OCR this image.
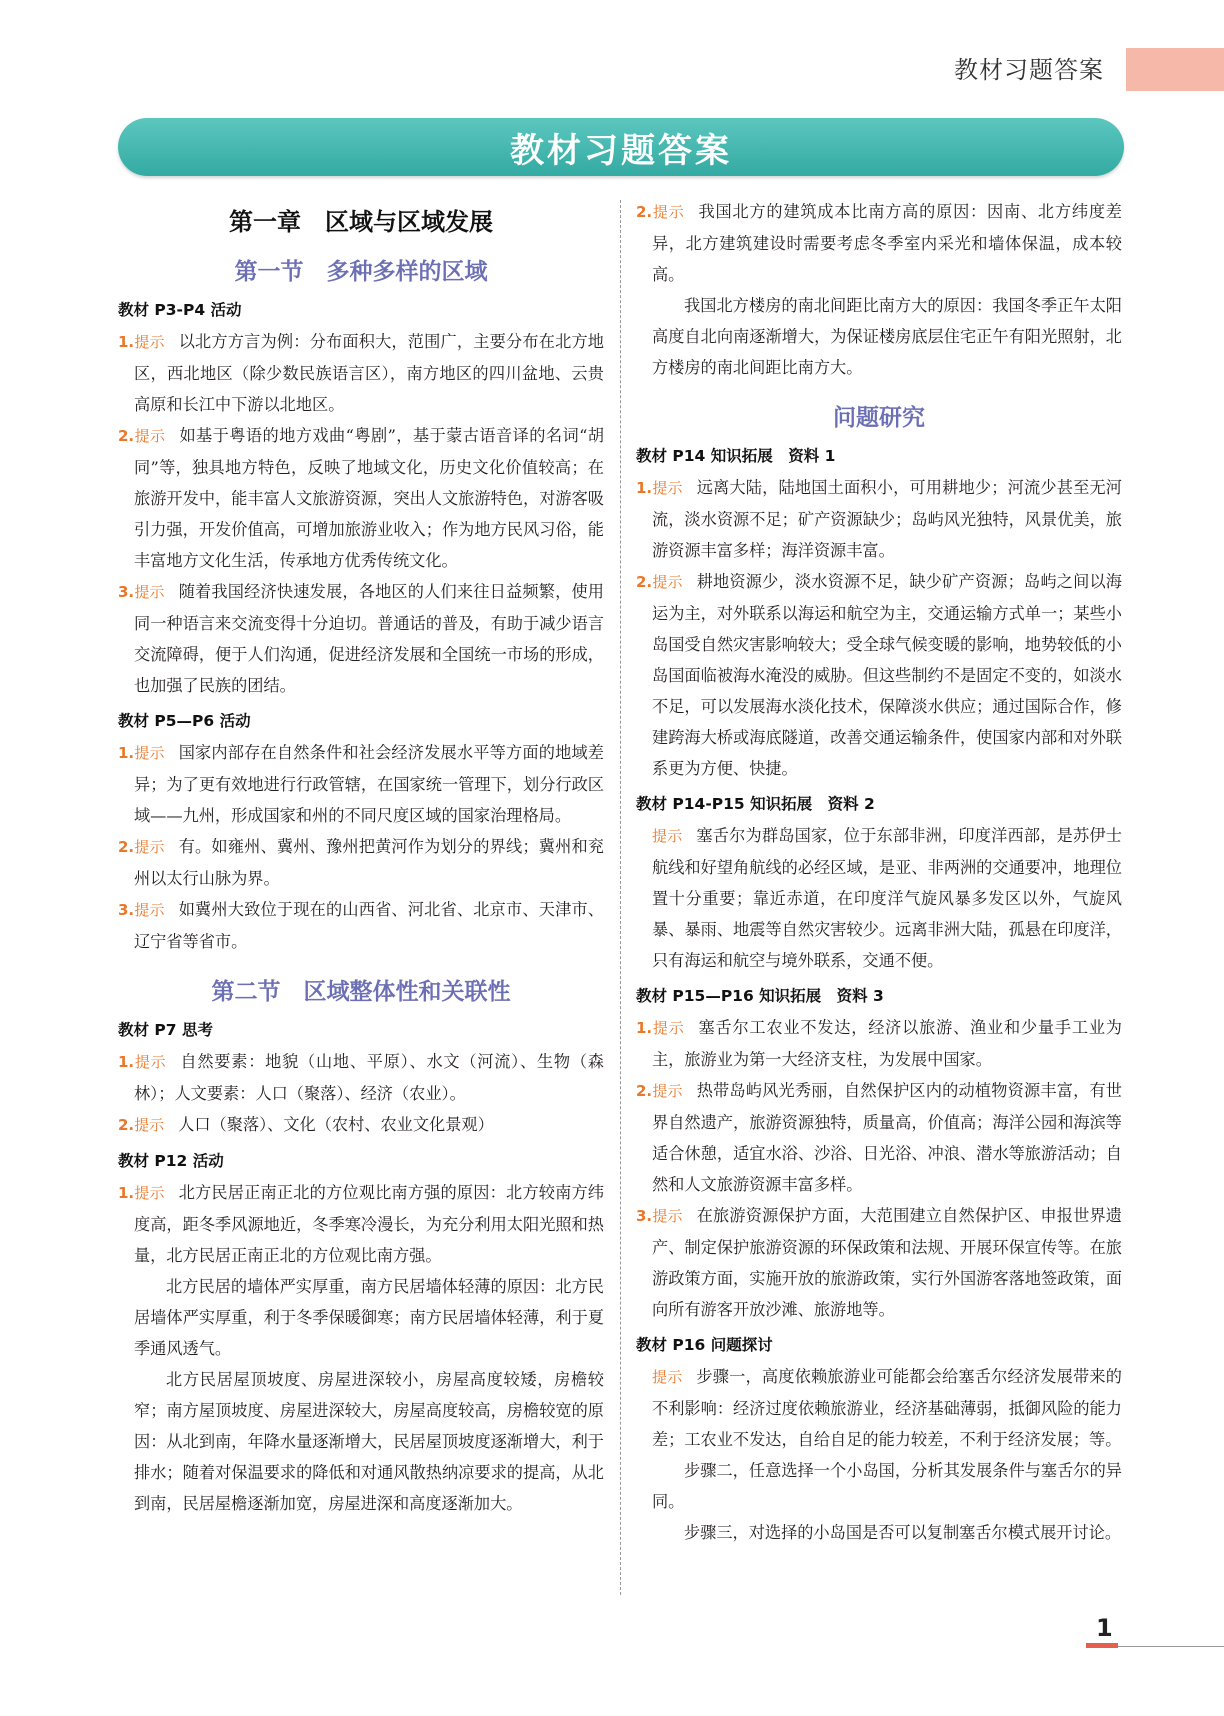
教材习题答案
教材习题答案
第一章　区域与区域发展
第一节　多种多样的区域
教材 P3-P4 活动
1.提示 以北方方言为例：分布面积大，范围广，主要分布在北方地区，西北地区（除少数民族语言区），南方地区的四川盆地、云贵高原和长江中下游以北地区。
2.提示 如基于粤语的地方戏曲“粤剧”，基于蒙古语音译的名词“胡同”等，独具地方特色，反映了地域文化，历史文化价值较高；在旅游开发中，能丰富人文旅游资源，突出人文旅游特色，对游客吸引力强，开发价值高，可增加旅游业收入；作为地方民风习俗，能丰富地方文化生活，传承地方优秀传统文化。
3.提示 随着我国经济快速发展，各地区的人们来往日益频繁，使用同一种语言来交流变得十分迫切。普通话的普及，有助于减少语言交流障碍，便于人们沟通，促进经济发展和全国统一市场的形成，也加强了民族的团结。
教材 P5—P6 活动
1.提示 国家内部存在自然条件和社会经济发展水平等方面的地域差异；为了更有效地进行行政管辖，在国家统一管理下，划分行政区域——九州，形成国家和州的不同尺度区域的国家治理格局。
2.提示 有。如雍州、冀州、豫州把黄河作为划分的界线；冀州和兖州以太行山脉为界。
3.提示 如冀州大致位于现在的山西省、河北省、北京市、天津市、辽宁省等省市。
第二节　区域整体性和关联性
教材 P7 思考
1.提示 自然要素：地貌（山地、平原）、水文（河流）、生物（森林）；人文要素：人口（聚落）、经济（农业）。
2.提示 人口（聚落）、文化（农村、农业文化景观）
教材 P12 活动
1.提示 北方民居正南正北的方位观比南方强的原因：北方较南方纬度高，距冬季风源地近，冬季寒冷漫长，为充分利用太阳光照和热量，北方民居正南正北的方位观比南方强。
北方民居的墙体严实厚重，南方民居墙体轻薄的原因：北方民居墙体严实厚重，利于冬季保暖御寒；南方民居墙体轻薄，利于夏季通风透气。
北方民居屋顶坡度、房屋进深较小，房屋高度较矮，房檐较窄；南方屋顶坡度、房屋进深较大，房屋高度较高，房檐较宽的原因：从北到南，年降水量逐渐增大，民居屋顶坡度逐渐增大，利于排水；随着对保温要求的降低和对通风散热纳凉要求的提高，从北到南，民居屋檐逐渐加宽，房屋进深和高度逐渐加大。
2.提示 我国北方的建筑成本比南方高的原因：因南、北方纬度差异，北方建筑建设时需要考虑冬季室内采光和墙体保温，成本较高。
我国北方楼房的南北间距比南方大的原因：我国冬季正午太阳高度自北向南逐渐增大，为保证楼房底层住宅正午有阳光照射，北方楼房的南北间距比南方大。
问题研究
教材 P14 知识拓展　资料 1
1.提示 远离大陆，陆地国土面积小，可用耕地少；河流少甚至无河流，淡水资源不足；矿产资源缺少；岛屿风光独特，风景优美，旅游资源丰富多样；海洋资源丰富。
2.提示 耕地资源少，淡水资源不足，缺少矿产资源；岛屿之间以海运为主，对外联系以海运和航空为主，交通运输方式单一；某些小岛国受自然灾害影响较大；受全球气候变暖的影响，地势较低的小岛国面临被海水淹没的威胁。但这些制约不是固定不变的，如淡水不足，可以发展海水淡化技术，保障淡水供应；通过国际合作，修建跨海大桥或海底隧道，改善交通运输条件，使国家内部和对外联系更为方便、快捷。
教材 P14-P15 知识拓展　资料 2
提示 塞舌尔为群岛国家，位于东部非洲，印度洋西部，是苏伊士航线和好望角航线的必经区域，是亚、非两洲的交通要冲，地理位置十分重要；靠近赤道，在印度洋气旋风暴多发区以外，气旋风暴、暴雨、地震等自然灾害较少。远离非洲大陆，孤悬在印度洋，只有海运和航空与境外联系，交通不便。
教材 P15—P16 知识拓展　资料 3
1.提示 塞舌尔工农业不发达，经济以旅游、渔业和少量手工业为主，旅游业为第一大经济支柱，为发展中国家。
2.提示 热带岛屿风光秀丽，自然保护区内的动植物资源丰富，有世界自然遗产，旅游资源独特，质量高，价值高；海洋公园和海滨等适合休憩，适宜水浴、沙浴、日光浴、冲浪、潜水等旅游活动；自然和人文旅游资源丰富多样。
3.提示 在旅游资源保护方面，大范围建立自然保护区、申报世界遗产、制定保护旅游资源的环保政策和法规、开展环保宣传等。在旅游政策方面，实施开放的旅游政策，实行外国游客落地签政策，面向所有游客开放沙滩、旅游地等。
教材 P16 问题探讨
提示 步骤一，高度依赖旅游业可能都会给塞舌尔经济发展带来的不利影响：经济过度依赖旅游业，经济基础薄弱，抵御风险的能力差；工农业不发达，自给自足的能力较差，不利于经济发展；等。
步骤二，任意选择一个小岛国，分析其发展条件与塞舌尔的异同。
步骤三，对选择的小岛国是否可以复制塞舌尔模式展开讨论。
1
